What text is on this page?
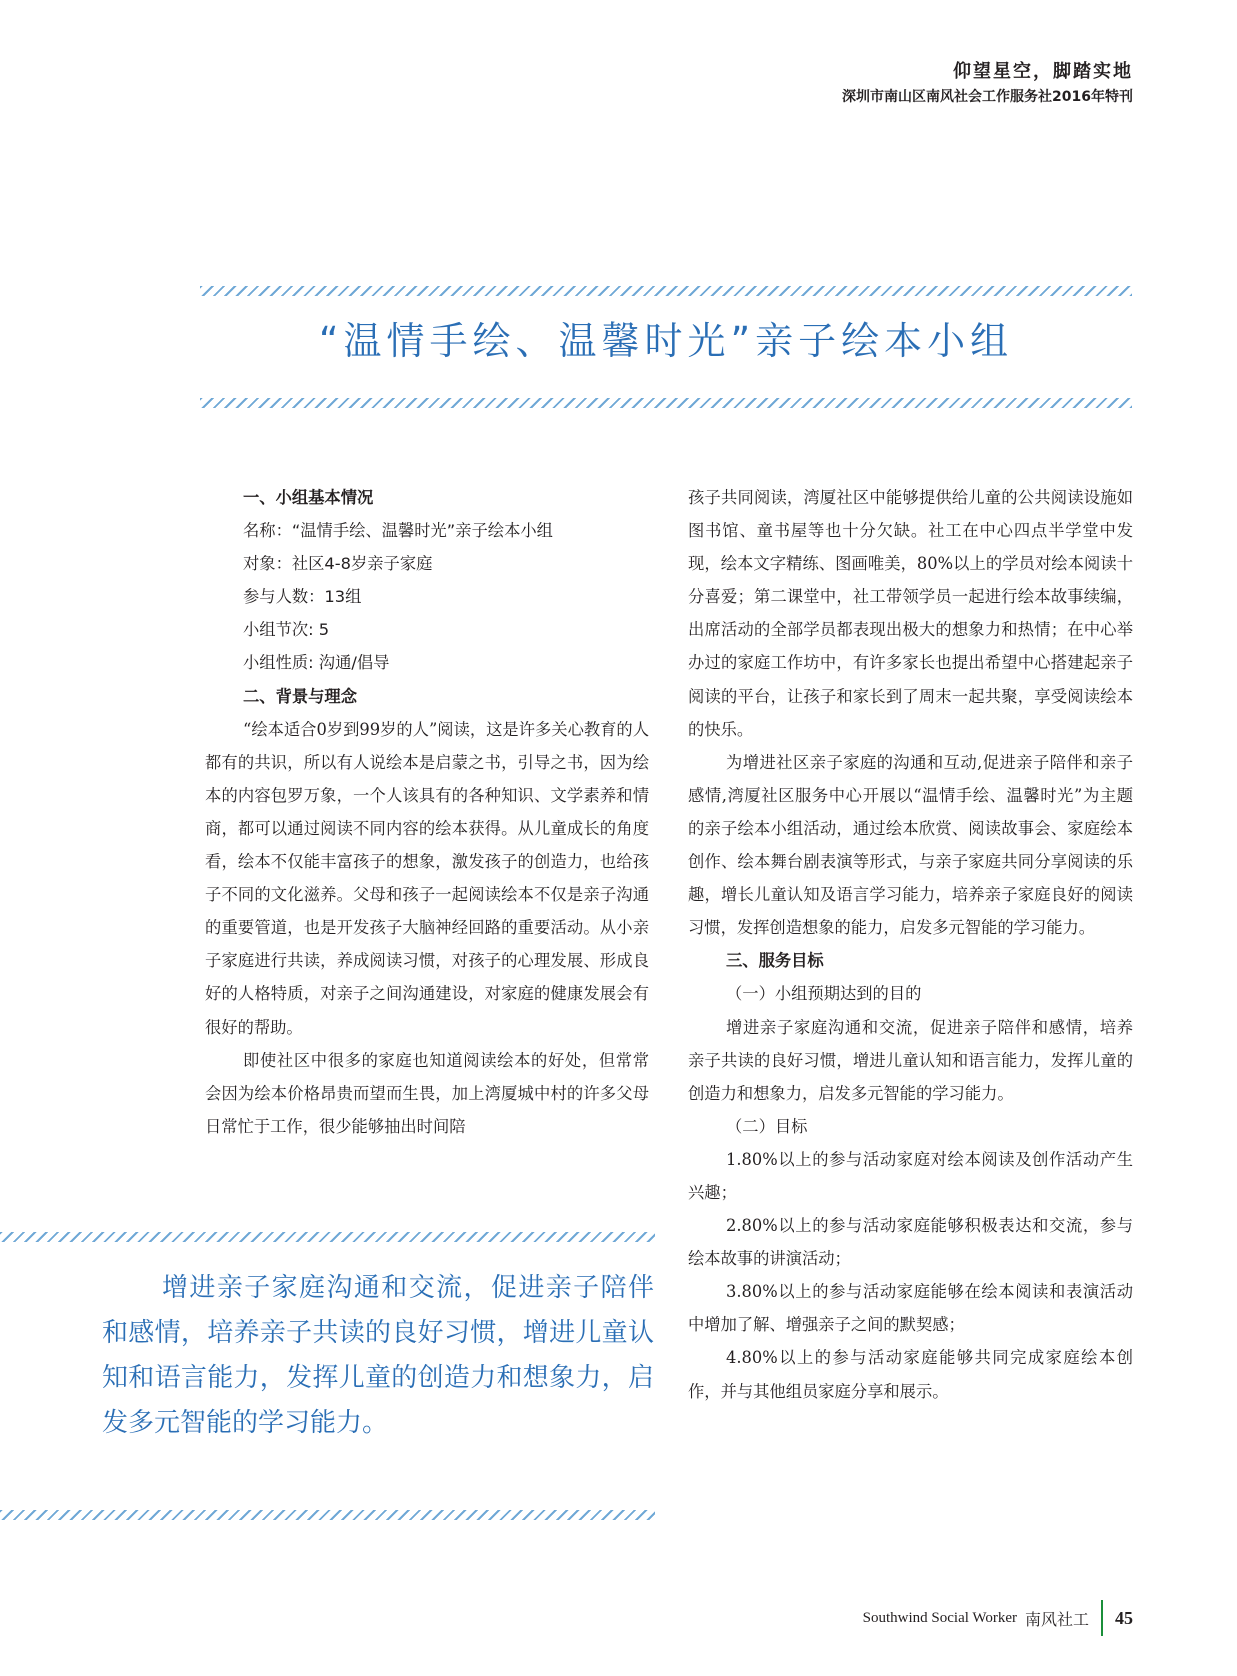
仰望星空，脚踏实地
深圳市南山区南风社会工作服务社2016年特刊
“温情手绘、温馨时光”亲子绘本小组

一、小组基本情况

名称：“温情手绘、温馨时光”亲子绘本小组

对象：社区4-8岁亲子家庭

参与人数：13组

小组节次: 5

小组性质: 沟通/倡导

二、背景与理念

“绘本适合0岁到99岁的人”阅读，这是许多关心教育的人都有的共识，所以有人说绘本是启蒙之书，引导之书，因为绘本的内容包罗万象，一个人该具有的各种知识、文学素养和情商，都可以通过阅读不同内容的绘本获得。从儿童成长的角度看，绘本不仅能丰富孩子的想象，激发孩子的创造力，也给孩子不同的文化滋养。父母和孩子一起阅读绘本不仅是亲子沟通的重要管道，也是开发孩子大脑神经回路的重要活动。从小亲子家庭进行共读，养成阅读习惯，对孩子的心理发展、形成良好的人格特质，对亲子之间沟通建设，对家庭的健康发展会有很好的帮助。

即使社区中很多的家庭也知道阅读绘本的好处，但常常会因为绘本价格昂贵而望而生畏，加上湾厦城中村的许多父母日常忙于工作，很少能够抽出时间陪

增进亲子家庭沟通和交流，促进亲子陪伴和感情，培养亲子共读的良好习惯，增进儿童认知和语言能力，发挥儿童的创造力和想象力，启发多元智能的学习能力。

孩子共同阅读，湾厦社区中能够提供给儿童的公共阅读设施如图书馆、童书屋等也十分欠缺。社工在中心四点半学堂中发现，绘本文字精练、图画唯美，80%以上的学员对绘本阅读十分喜爱；第二课堂中，社工带领学员一起进行绘本故事续编，出席活动的全部学员都表现出极大的想象力和热情；在中心举办过的家庭工作坊中，有许多家长也提出希望中心搭建起亲子阅读的平台，让孩子和家长到了周末一起共聚，享受阅读绘本的快乐。

为增进社区亲子家庭的沟通和互动,促进亲子陪伴和亲子感情,湾厦社区服务中心开展以“温情手绘、温馨时光”为主题的亲子绘本小组活动，通过绘本欣赏、阅读故事会、家庭绘本创作、绘本舞台剧表演等形式，与亲子家庭共同分享阅读的乐趣，增长儿童认知及语言学习能力，培养亲子家庭良好的阅读习惯，发挥创造想象的能力，启发多元智能的学习能力。

三、服务目标

（一）小组预期达到的目的

增进亲子家庭沟通和交流，促进亲子陪伴和感情，培养亲子共读的良好习惯，增进儿童认知和语言能力，发挥儿童的创造力和想象力，启发多元智能的学习能力。

（二）目标

1.80%以上的参与活动家庭对绘本阅读及创作活动产生兴趣；

2.80%以上的参与活动家庭能够积极表达和交流，参与绘本故事的讲演活动；

3.80%以上的参与活动家庭能够在绘本阅读和表演活动中增加了解、增强亲子之间的默契感；

4.80%以上的参与活动家庭能够共同完成家庭绘本创作，并与其他组员家庭分享和展示。

Southwind Social Worker 南风社工 45
